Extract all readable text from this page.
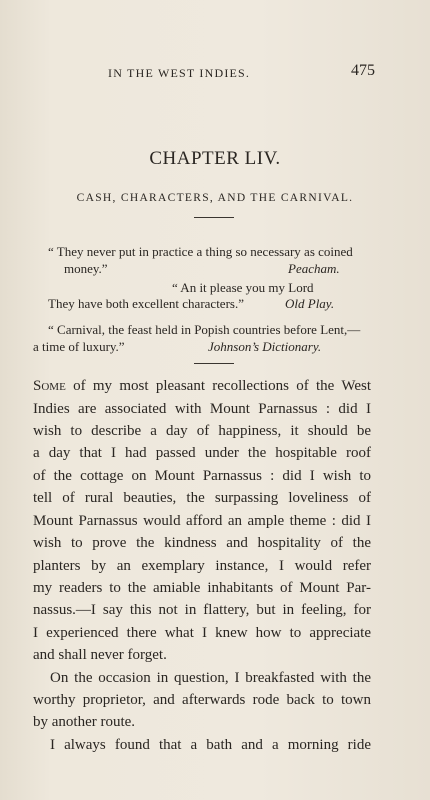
IN THE WEST INDIES.	475
CHAPTER LIV.
CASH, CHARACTERS, AND THE CARNIVAL.
“ They never put in practice a thing so necessary as coined
money.”	Peacham.
“ An it please you my Lord
They have both excellent characters.”	Old Play.
“ Carnival, the feast held in Popish countries before Lent,—
a time of luxury.”	Johnson’s Dictionary.
Some of my most pleasant recollections of the West
Indies are associated with Mount Parnassus : did I
wish to describe a day of happiness, it should be
a day that I had passed under the hospitable roof
of the cottage on Mount Parnassus : did I wish to
tell of rural beauties, the surpassing loveliness of
Mount Parnassus would afford an ample theme : did I
wish to prove the kindness and hospitality of the
planters by an exemplary instance, I would refer
my readers to the amiable inhabitants of Mount Par-
nassus.—I say this not in flattery, but in feeling, for
I experienced there what I knew how to appreciate
and shall never forget.
On the occasion in question, I breakfasted with the
worthy proprietor, and afterwards rode back to town
by another route.
I always found that a bath and a morning ride
